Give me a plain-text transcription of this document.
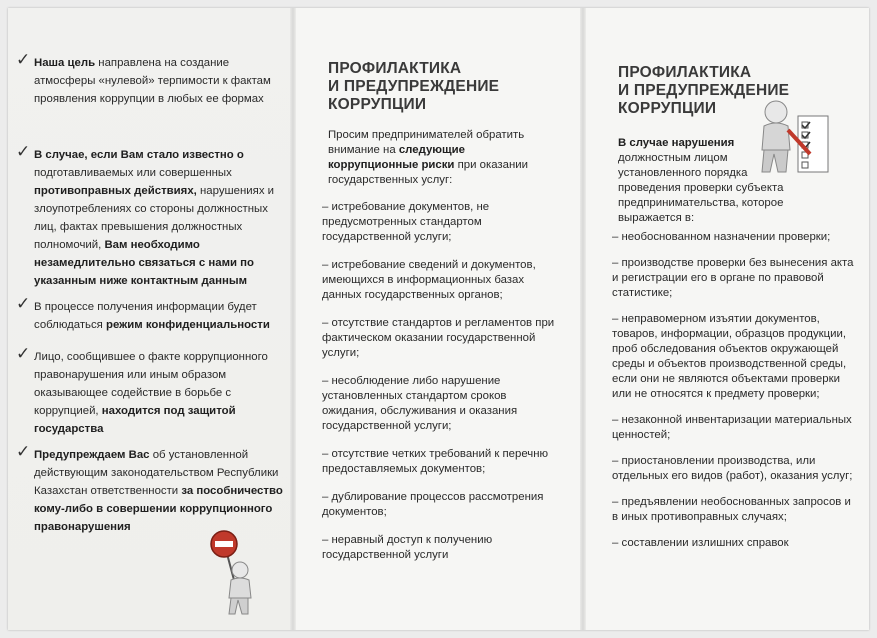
✓ Наша цель направлена на создание атмосферы «нулевой» терпимости к фактам проявления коррупции в любых ее формах
✓ В случае, если Вам стало известно о подготавливаемых или совершенных противоправных действиях, нарушениях и злоупотреблениях со стороны должностных лиц, фактах превышения должностных полномочий, Вам необходимо незамедлительно связаться с нами по указанным ниже контактным данным
✓ В процессе получения информации будет соблюдаться режим конфиденциальности
✓ Лицо, сообщившее о факте коррупционного правонарушения или иным образом оказывающее содействие в борьбе с коррупцией, находится под защитой государства
✓ Предупреждаем Вас об установленной действующим законодательством Республики Казахстан ответственности за пособничество кому-либо в совершении коррупционного правонарушения
ПРОФИЛАКТИКА
И ПРЕДУПРЕЖДЕНИЕ
КОРРУПЦИИ
Просим предпринимателей обратить внимание на следующие коррупционные риски при оказании государственных услуг:
– истребование документов, не предусмотренных стандартом государственной услуги;
– истребование сведений и документов, имеющихся в информационных базах данных государственных органов;
– отсутствие стандартов и регламентов при фактическом оказании государственной услуги;
– несоблюдение либо нарушение установленных стандартом сроков ожидания, обслуживания и оказания государственной услуги;
– отсутствие четких требований к перечню предоставляемых документов;
– дублирование процессов рассмотрения документов;
– неравный доступ к получению государственной услуги
ПРОФИЛАКТИКА
И ПРЕДУПРЕЖДЕНИЕ
КОРРУПЦИИ
В случае нарушения должностным лицом установленного порядка проведения проверки субъекта предпринимательства, которое выражается в:
– необоснованном назначении проверки;
– производстве проверки без вынесения акта и регистрации его в органе по правовой статистике;
– неправомерном изъятии документов, товаров, информации, образцов продукции, проб обследования объектов окружающей среды и объектов производственной среды, если они не являются объектами проверки или не относятся к предмету проверки;
– незаконной инвентаризации материальных ценностей;
– приостановлении производства, или отдельных его видов (работ), оказания услуг;
– предъявлении необоснованных запросов и в иных противоправных случаях;
– составлении излишних справок
